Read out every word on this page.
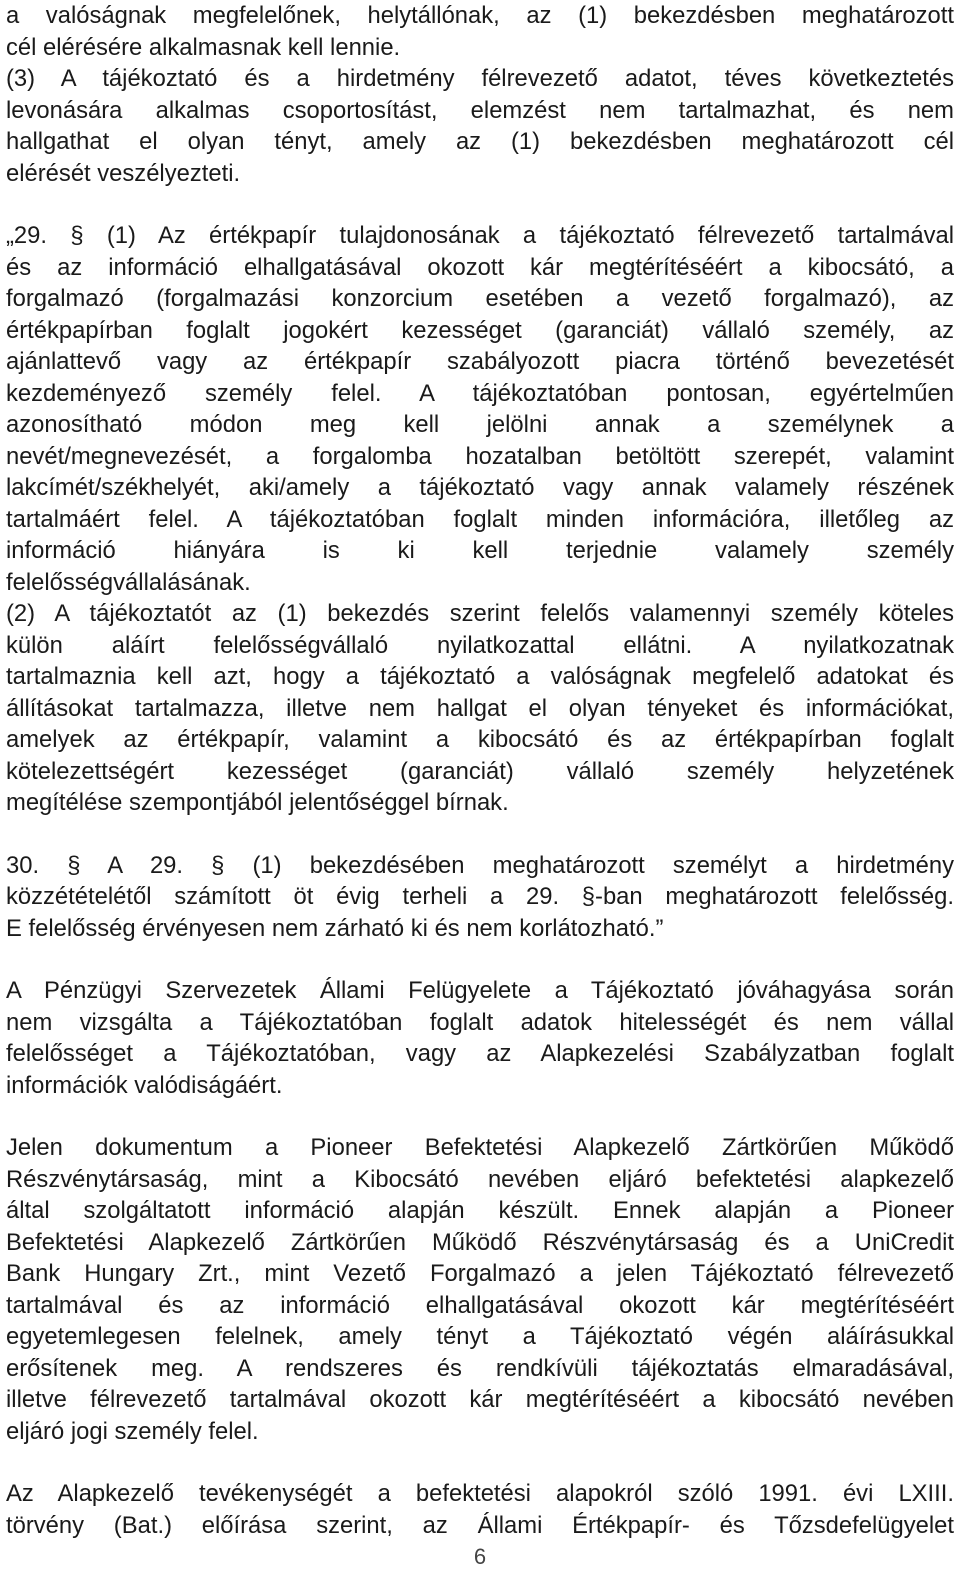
a valóságnak megfelelőnek, helytállónak, az (1) bekezdésben meghatározott
cél elérésére alkalmasnak kell lennie.
(3) A tájékoztató és a hirdetmény félrevezető adatot, téves következtetés
levonására alkalmas csoportosítást, elemzést nem tartalmazhat, és nem
hallgathat el olyan tényt, amely az (1) bekezdésben meghatározott cél
elérését veszélyezteti.
„29. § (1) Az értékpapír tulajdonosának a tájékoztató félrevezető tartalmával
és az információ elhallgatásával okozott kár megtérítéséért a kibocsátó, a
forgalmazó (forgalmazási konzorcium esetében a vezető forgalmazó), az
értékpapírban foglalt jogokért kezességet (garanciát) vállaló személy, az
ajánlattevő vagy az értékpapír szabályozott piacra történő bevezetését
kezdeményező személy felel. A tájékoztatóban pontosan, egyértelműen
azonosítható módon meg kell jelölni annak a személynek a
nevét/megnevezését, a forgalomba hozatalban betöltött szerepét, valamint
lakcímét/székhelyét, aki/amely a tájékoztató vagy annak valamely részének
tartalmáért felel. A tájékoztatóban foglalt minden információra, illetőleg az
információ hiányára is ki kell terjednie valamely személy
felelősségvállalásának.
(2) A tájékoztatót az (1) bekezdés szerint felelős valamennyi személy köteles
külön aláírt felelősségvállaló nyilatkozattal ellátni. A nyilatkozatnak
tartalmaznia kell azt, hogy a tájékoztató a valóságnak megfelelő adatokat és
állításokat tartalmazza, illetve nem hallgat el olyan tényeket és információkat,
amelyek az értékpapír, valamint a kibocsátó és az értékpapírban foglalt
kötelezettségért kezességet (garanciát) vállaló személy helyzetének
megítélése szempontjából jelentőséggel bírnak.
30. § A 29. § (1) bekezdésében meghatározott személyt a hirdetmény
közzétételétől számított öt évig terheli a 29. §-ban meghatározott felelősség.
E felelősség érvényesen nem zárható ki és nem korlátozható.”
A Pénzügyi Szervezetek Állami Felügyelete a Tájékoztató jóváhagyása során
nem vizsgálta a Tájékoztatóban foglalt adatok hitelességét és nem vállal
felelősséget a Tájékoztatóban, vagy az Alapkezelési Szabályzatban foglalt
információk valódiságáért.
Jelen dokumentum a Pioneer Befektetési Alapkezelő Zártkörűen Működő
Részvénytársaság, mint a Kibocsátó nevében eljáró befektetési alapkezelő
által szolgáltatott információ alapján készült. Ennek alapján a Pioneer
Befektetési Alapkezelő Zártkörűen Működő Részvénytársaság és a UniCredit
Bank Hungary Zrt., mint Vezető Forgalmazó a jelen Tájékoztató félrevezető
tartalmával és az információ elhallgatásával okozott kár megtérítéséért
egyetemlegesen felelnek, amely tényt a Tájékoztató végén aláírásukkal
erősítenek meg. A rendszeres és rendkívüli tájékoztatás elmaradásával,
illetve félrevezető tartalmával okozott kár megtérítéséért a kibocsátó nevében
eljáró jogi személy felel.
Az Alapkezelő tevékenységét a befektetési alapokról szóló 1991. évi LXIII.
törvény (Bat.) előírása szerint, az Állami Értékpapír- és Tőzsdefelügyelet
6
